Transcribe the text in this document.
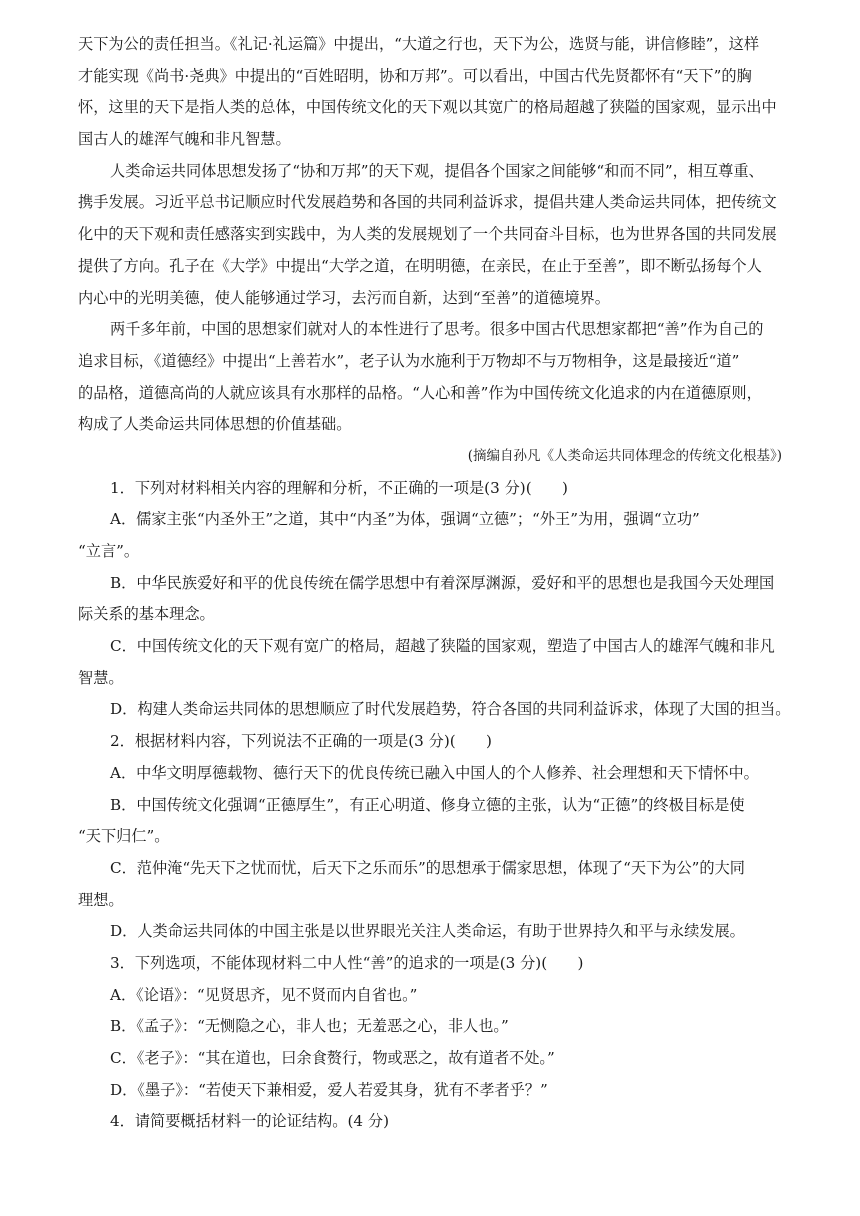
天下为公的责任担当。《礼记·礼运篇》中提出，“大道之行也，天下为公，选贤与能，讲信修睦”，这样
才能实现《尚书·尧典》中提出的“百姓昭明，协和万邦”。可以看出，中国古代先贤都怀有“天下”的胸
怀，这里的天下是指人类的总体，中国传统文化的天下观以其宽广的格局超越了狭隘的国家观，显示出中
国古人的雄浑气魄和非凡智慧。
人类命运共同体思想发扬了“协和万邦”的天下观，提倡各个国家之间能够“和而不同”，相互尊重、
携手发展。习近平总书记顺应时代发展趋势和各国的共同利益诉求，提倡共建人类命运共同体，把传统文
化中的天下观和责任感落实到实践中，为人类的发展规划了一个共同奋斗目标，也为世界各国的共同发展
提供了方向。孔子在《大学》中提出“大学之道，在明明德，在亲民，在止于至善”，即不断弘扬每个人
内心中的光明美德，使人能够通过学习，去污而自新，达到“至善”的道德境界。
两千多年前，中国的思想家们就对人的本性进行了思考。很多中国古代思想家都把“善”作为自己的
追求目标，《道德经》中提出“上善若水”，老子认为水施利于万物却不与万物相争，这是最接近“道”
的品格，道德高尚的人就应该具有水那样的品格。“人心和善”作为中国传统文化追求的内在道德原则，
构成了人类命运共同体思想的价值基础。
(摘编自孙凡《人类命运共同体理念的传统文化根基》)
1．下列对材料相关内容的理解和分析，不正确的一项是(3 分)(　　)
A．儒家主张“内圣外王”之道，其中“内圣”为体，强调“立德”；“外王”为用，强调“立功”
“立言”。
B．中华民族爱好和平的优良传统在儒学思想中有着深厚渊源，爱好和平的思想也是我国今天处理国
际关系的基本理念。
C．中国传统文化的天下观有宽广的格局，超越了狭隘的国家观，塑造了中国古人的雄浑气魄和非凡
智慧。
D．构建人类命运共同体的思想顺应了时代发展趋势，符合各国的共同利益诉求，体现了大国的担当。
2．根据材料内容，下列说法不正确的一项是(3 分)(　　)
A．中华文明厚德载物、德行天下的优良传统已融入中国人的个人修养、社会理想和天下情怀中。
B．中国传统文化强调“正德厚生”，有正心明道、修身立德的主张，认为“正德”的终极目标是使
“天下归仁”。
C．范仲淹“先天下之忧而忧，后天下之乐而乐”的思想承于儒家思想，体现了“天下为公”的大同
理想。
D．人类命运共同体的中国主张是以世界眼光关注人类命运，有助于世界持久和平与永续发展。
3．下列选项，不能体现材料二中人性“善”的追求的一项是(3 分)(　　)
A．《论语》：“见贤思齐，见不贤而内自省也。”
B．《孟子》：“无恻隐之心，非人也；无羞恶之心，非人也。”
C．《老子》：“其在道也，曰余食赘行，物或恶之，故有道者不处。”
D．《墨子》：“若使天下兼相爱，爱人若爱其身，犹有不孝者乎？”
4．请简要概括材料一的论证结构。(4 分)
